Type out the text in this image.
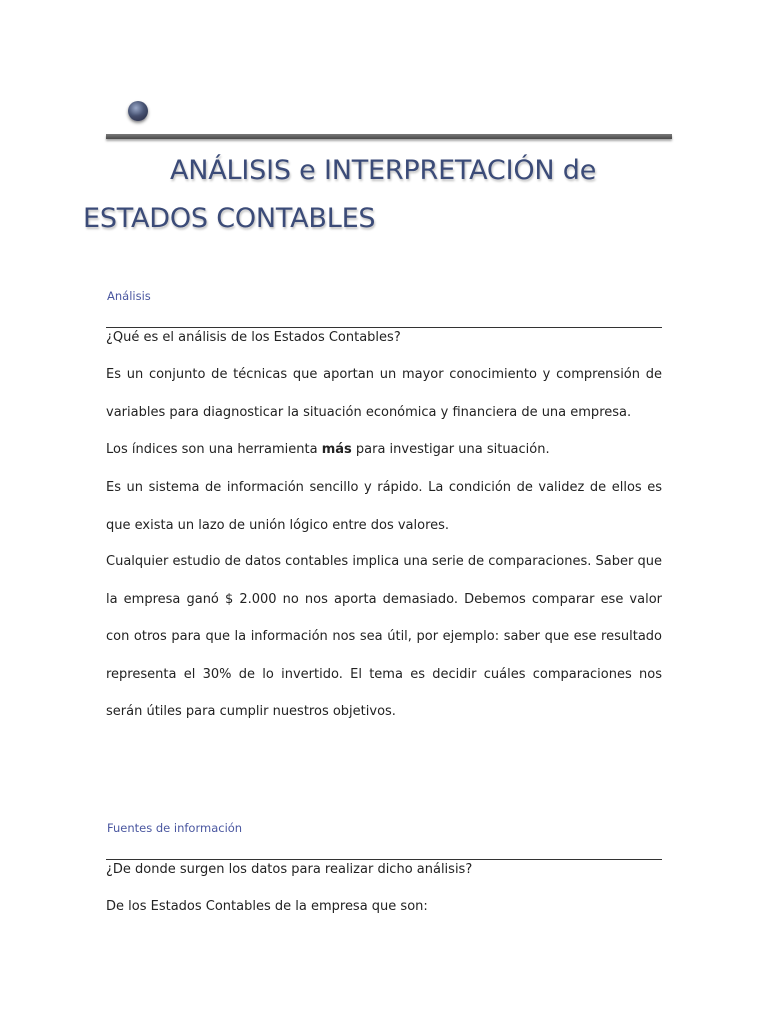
ANÁLISIS e INTERPRETACIÓN de
ESTADOS CONTABLES
Análisis
¿Qué es el análisis de los Estados Contables?

Es un conjunto de técnicas que aportan un mayor conocimiento y comprensión de variables para diagnosticar la situación económica y financiera de una empresa.

Los índices son una herramienta más para investigar una situación.

Es un sistema de información sencillo y rápido. La condición de validez de ellos es que exista un lazo de unión lógico entre dos valores.

Cualquier estudio de datos contables implica una serie de comparaciones. Saber que la empresa ganó $ 2.000 no nos aporta demasiado. Debemos comparar ese valor con otros para que la información nos sea útil, por ejemplo: saber que ese resultado representa el 30% de lo invertido. El tema es decidir cuáles comparaciones nos serán útiles para cumplir nuestros objetivos.

Fuentes de información
¿De donde surgen los datos para realizar dicho análisis?

De los Estados Contables de la empresa que son:
